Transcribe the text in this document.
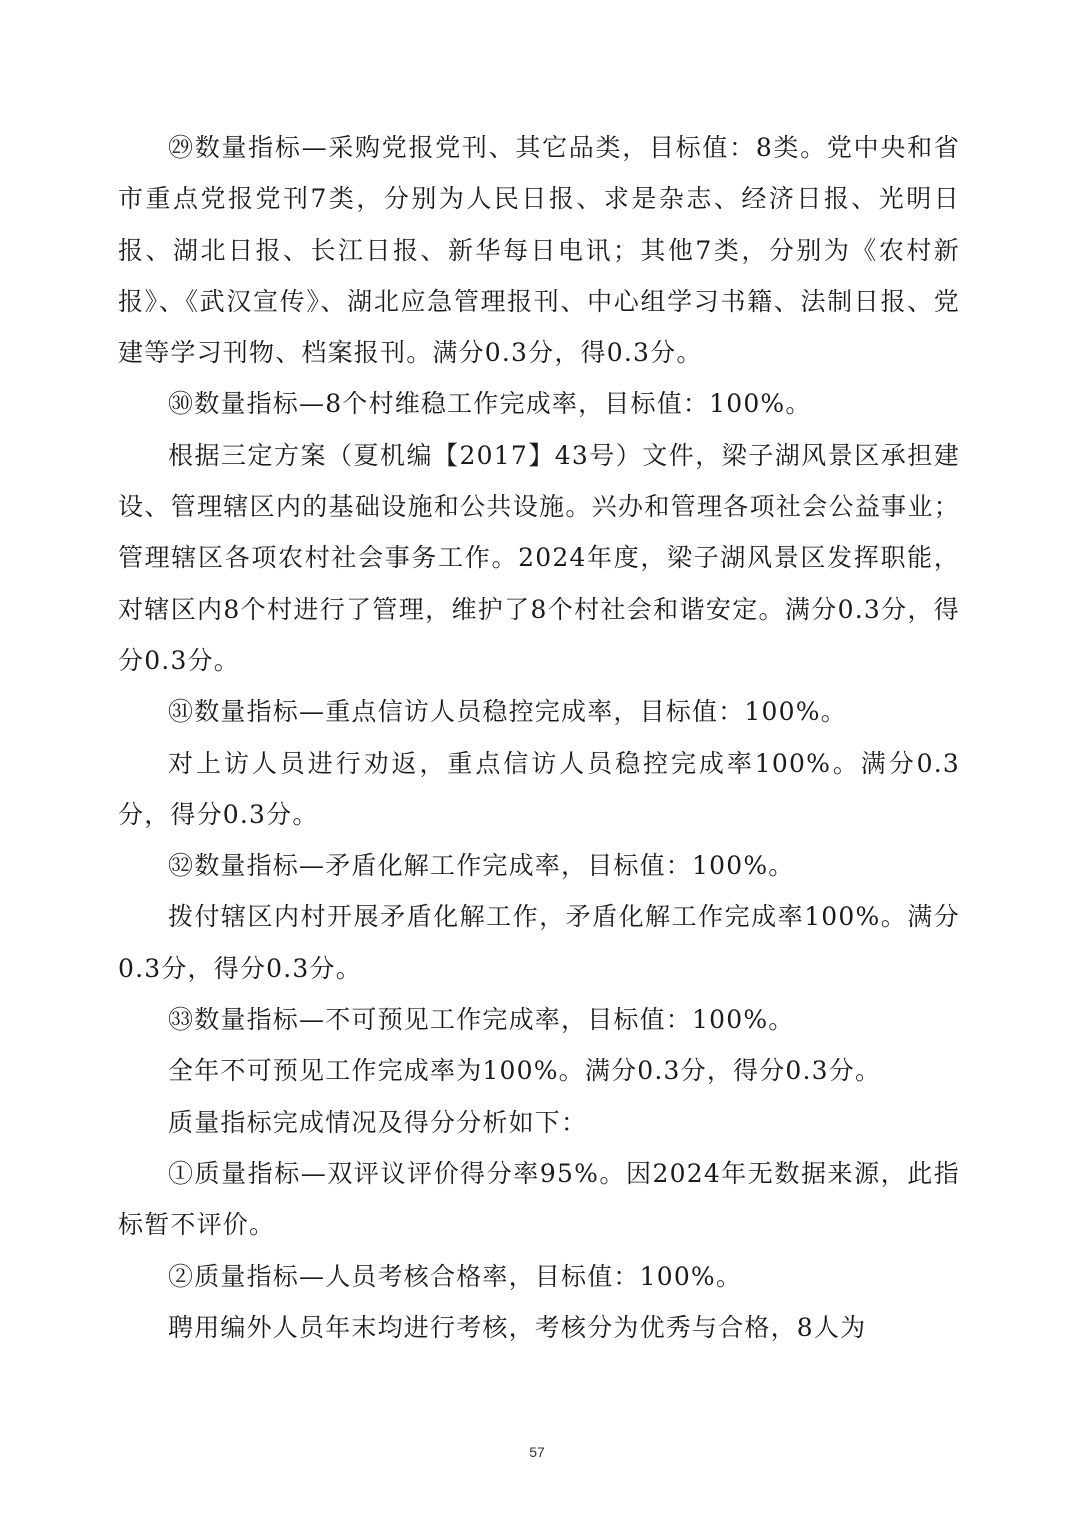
㉙数量指标—采购党报党刊、其它品类，目标值：8类。党中央和省市重点党报党刊7类，分别为人民日报、求是杂志、经济日报、光明日报、湖北日报、长江日报、新华每日电讯；其他7类，分别为《农村新报》、《武汉宣传》、湖北应急管理报刊、中心组学习书籍、法制日报、党建等学习刊物、档案报刊。满分0.3分，得0.3分。

㉚数量指标—8个村维稳工作完成率，目标值：100%。

根据三定方案（夏机编【2017】43号）文件，梁子湖风景区承担建设、管理辖区内的基础设施和公共设施。兴办和管理各项社会公益事业；管理辖区各项农村社会事务工作。2024年度，梁子湖风景区发挥职能，对辖区内8个村进行了管理，维护了8个村社会和谐安定。满分0.3分，得分0.3分。

㉛数量指标—重点信访人员稳控完成率，目标值：100%。

对上访人员进行劝返，重点信访人员稳控完成率100%。满分0.3分，得分0.3分。

㉜数量指标—矛盾化解工作完成率，目标值：100%。

拨付辖区内村开展矛盾化解工作，矛盾化解工作完成率100%。满分0.3分，得分0.3分。

㉝数量指标—不可预见工作完成率，目标值：100%。

全年不可预见工作完成率为100%。满分0.3分，得分0.3分。

质量指标完成情况及得分分析如下：

①质量指标—双评议评价得分率95%。因2024年无数据来源，此指标暂不评价。

②质量指标—人员考核合格率，目标值：100%。

聘用编外人员年末均进行考核，考核分为优秀与合格，8人为

57
